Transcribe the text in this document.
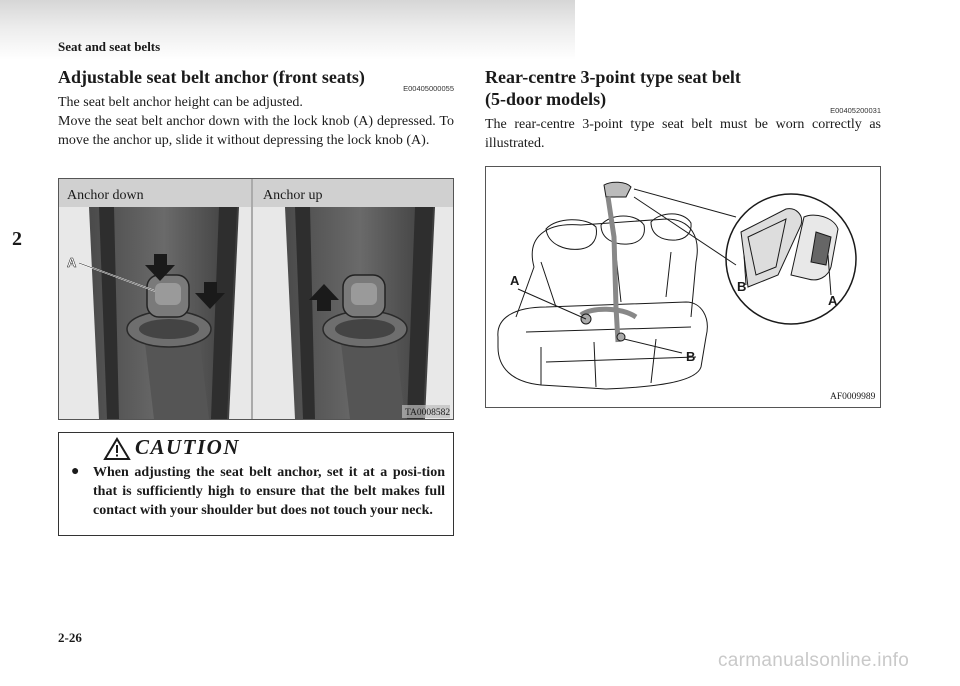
Seat and seat belts
2
Adjustable seat belt anchor (front seats)
E00405000055

The seat belt anchor height can be adjusted.

Move the seat belt anchor down with the lock knob (A) depressed. To move the anchor up, slide it without depressing the lock knob (A).

Anchor down	Anchor up
A
TA0008582
CAUTION
● When adjusting the seat belt anchor, set it at a posi-tion that is sufficiently high to ensure that the belt makes full contact with your shoulder but does not touch your neck.

Rear-centre 3-point type seat belt
(5-door models)
E00405200031

The rear-centre 3-point type seat belt must be worn correctly as illustrated.

A
B
B
A
AF0009989
2-26
carmanualsonline.info
